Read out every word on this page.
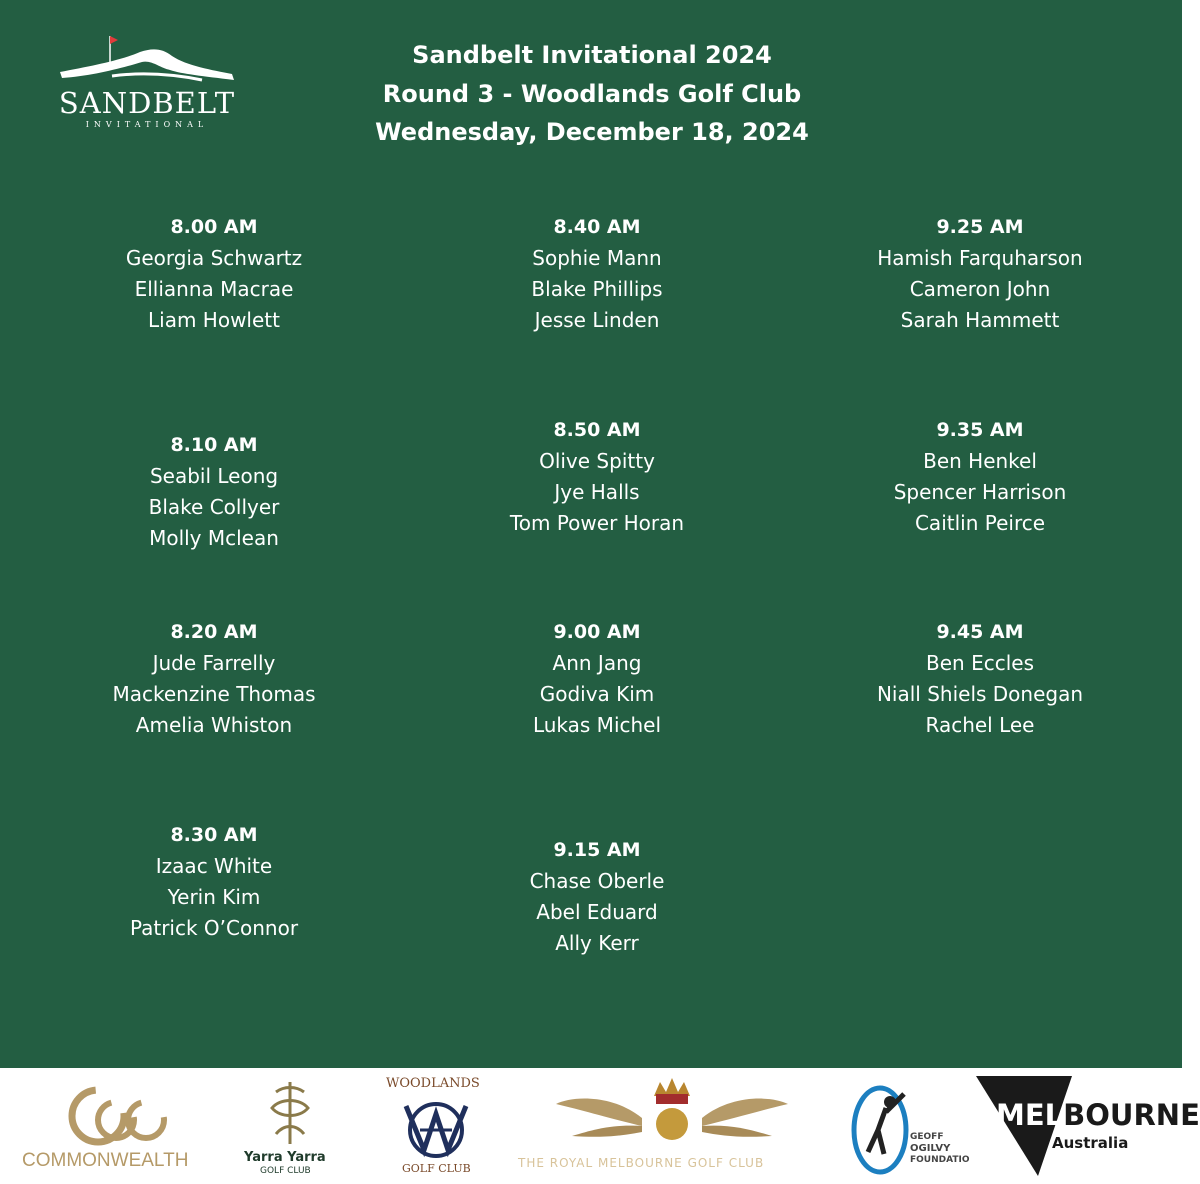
SANDBELT
INVITATIONAL
Sandbelt Invitational 2024
Round 3 - Woodlands Golf Club
Wednesday, December 18, 2024
8.00 AM
Georgia Schwartz
Ellianna Macrae
Liam Howlett
8.10 AM
Seabil Leong
Blake Collyer
Molly Mclean
8.20 AM
Jude Farrelly
Mackenzine Thomas
Amelia Whiston
8.30 AM
Izaac White
Yerin Kim
Patrick O’Connor
8.40 AM
Sophie Mann
Blake Phillips
Jesse Linden
8.50 AM
Olive Spitty
Jye Halls
Tom Power Horan
9.00 AM
Ann Jang
Godiva Kim
Lukas Michel
9.15 AM
Chase Oberle
Abel Eduard
Ally Kerr
9.25 AM
Hamish Farquharson
Cameron John
Sarah Hammett
9.35 AM
Ben Henkel
Spencer Harrison
Caitlin Peirce
9.45 AM
Ben Eccles
Niall Shiels Donegan
Rachel Lee
COMMONWEALTH	Yarra Yarra
GOLF CLUB
WOODLANDS
GOLF CLUB	THE ROYAL MELBOURNE GOLF CLUB
GEOFF
OGILVY
FOUNDATIO
MELBOURNE
Australia
